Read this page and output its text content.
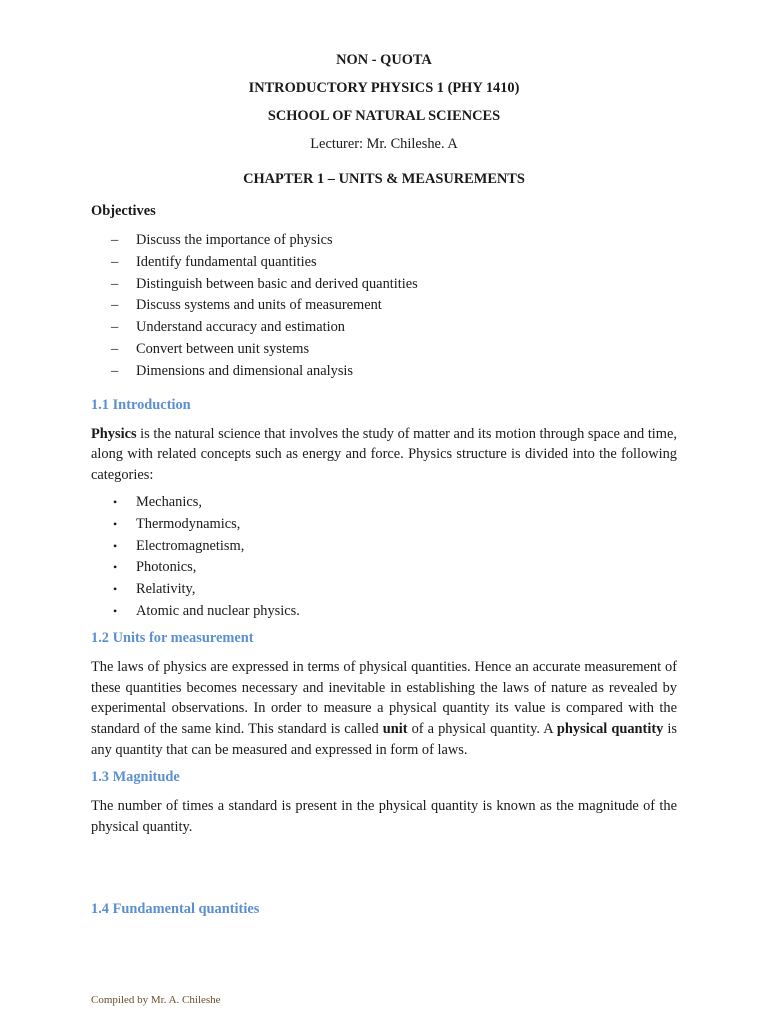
NON - QUOTA
INTRODUCTORY PHYSICS 1 (PHY 1410)
SCHOOL OF NATURAL SCIENCES
Lecturer: Mr. Chileshe. A
CHAPTER 1 – UNITS & MEASUREMENTS
Objectives
– Discuss the importance of physics
– Identify fundamental quantities
– Distinguish between basic and derived quantities
– Discuss systems and units of measurement
– Understand accuracy and estimation
– Convert between unit systems
– Dimensions and dimensional analysis
1.1 Introduction

Physics is the natural science that involves the study of matter and its motion through space and time, along with related concepts such as energy and force. Physics structure is divided into the following categories:

• Mechanics,
• Thermodynamics,
• Electromagnetism,
• Photonics,
• Relativity,
• Atomic and nuclear physics.
1.2 Units for measurement

The laws of physics are expressed in terms of physical quantities. Hence an accurate measurement of these quantities becomes necessary and inevitable in establishing the laws of nature as revealed by experimental observations. In order to measure a physical quantity its value is compared with the standard of the same kind. This standard is called unit of a physical quantity. A physical quantity is any quantity that can be measured and expressed in form of laws.

1.3 Magnitude

The number of times a standard is present in the physical quantity is known as the magnitude of the physical quantity.

1.4 Fundamental quantities
Compiled by Mr. A. Chileshe
